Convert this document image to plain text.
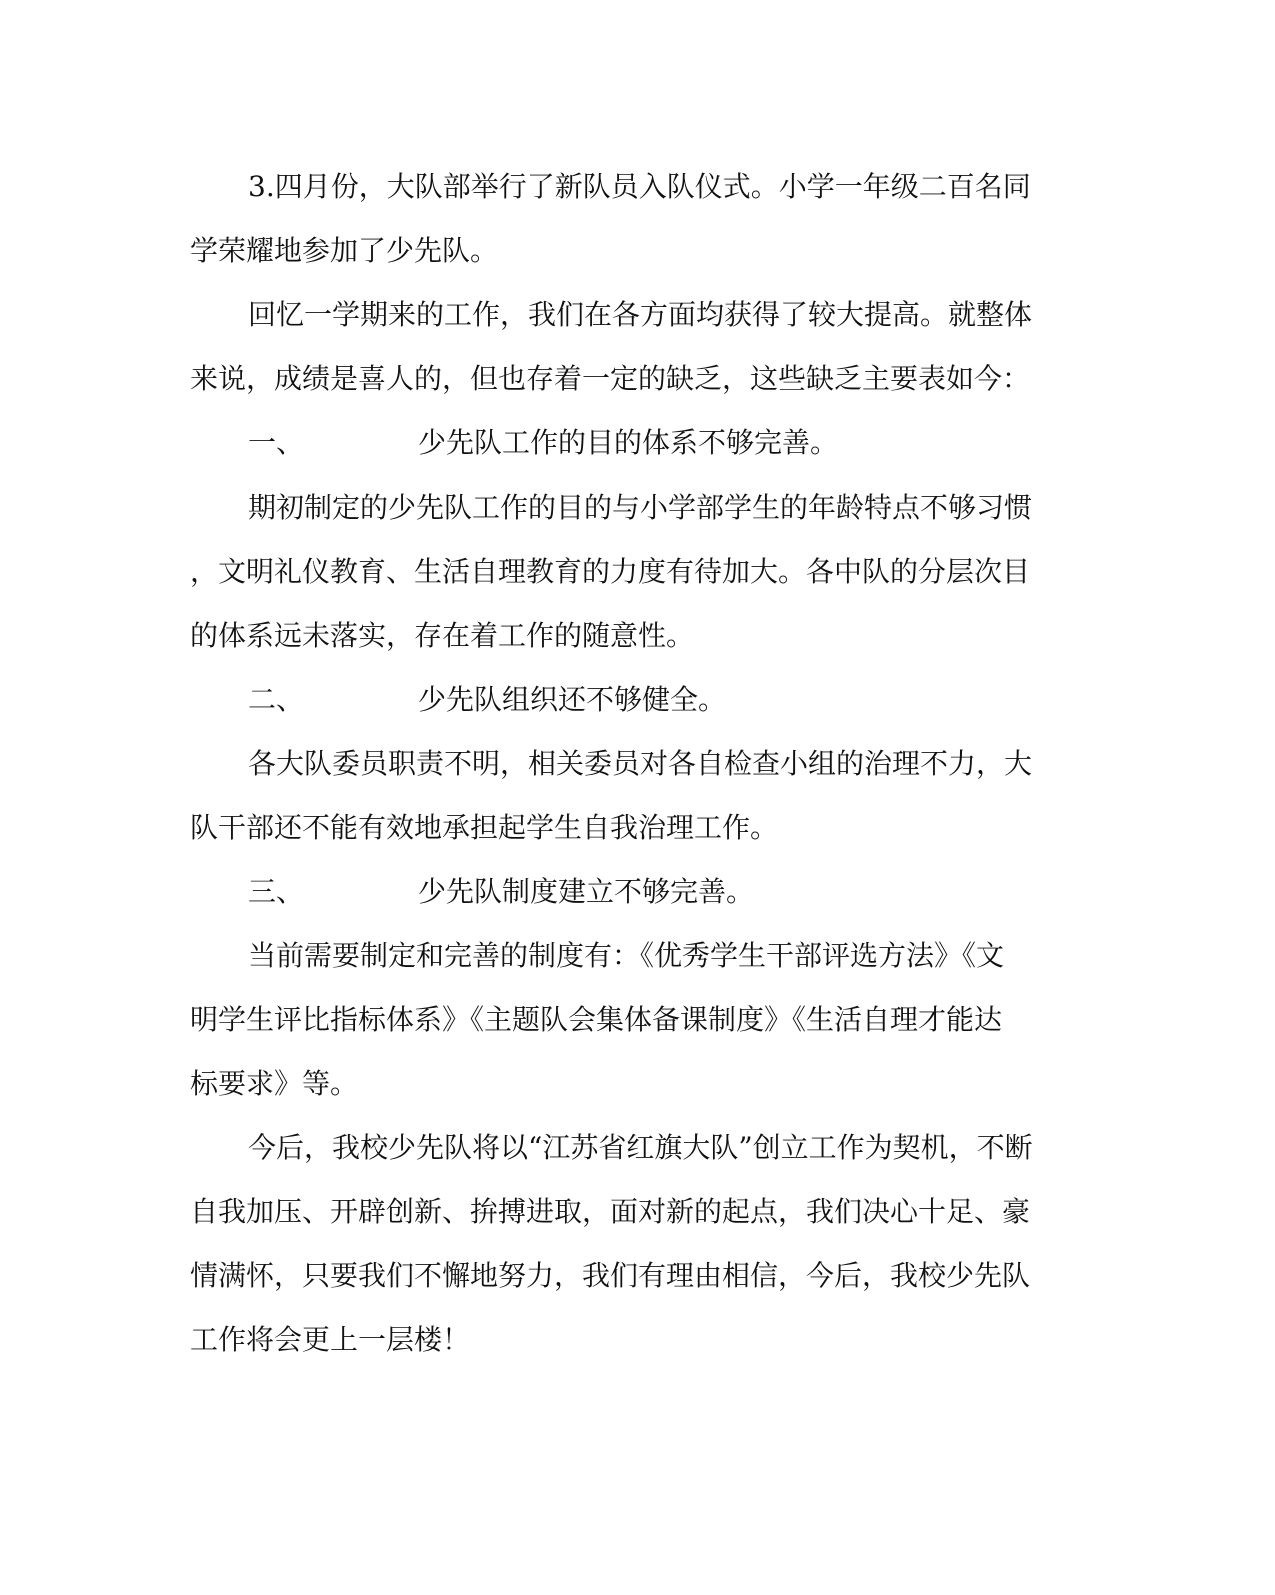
3.四月份，大队部举行了新队员入队仪式。小学一年级二百名同
学荣耀地参加了少先队。
回忆一学期来的工作，我们在各方面均获得了较大提高。就整体
来说，成绩是喜人的，但也存着一定的缺乏，这些缺乏主要表如今：
一、	少先队工作的目的体系不够完善。
期初制定的少先队工作的目的与小学部学生的年龄特点不够习惯
，文明礼仪教育、生活自理教育的力度有待加大。各中队的分层次目
的体系远未落实，存在着工作的随意性。
二、	少先队组织还不够健全。
各大队委员职责不明，相关委员对各自检查小组的治理不力，大
队干部还不能有效地承担起学生自我治理工作。
三、	少先队制度建立不够完善。
当前需要制定和完善的制度有：《优秀学生干部评选方法》《文
明学生评比指标体系》《主题队会集体备课制度》《生活自理才能达
标要求》等。
今后，我校少先队将以“江苏省红旗大队”创立工作为契机，不断
自我加压、开辟创新、拚搏进取，面对新的起点，我们决心十足、豪
情满怀，只要我们不懈地努力，我们有理由相信，今后，我校少先队
工作将会更上一层楼！
